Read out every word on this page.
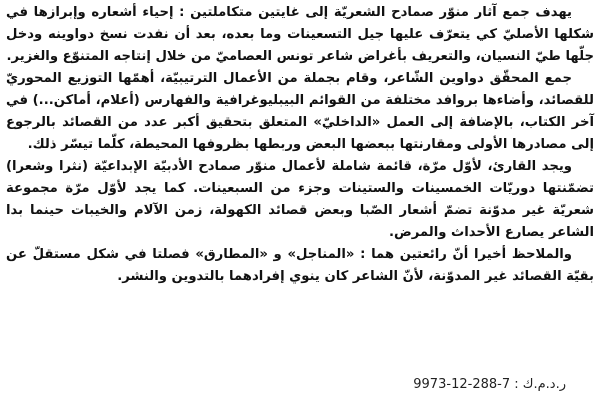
يهدف جمع آثار منوّر صمادح الشعريّة إلى غايتين متكاملتين : إحياء أشعاره وإبرازها في شكلها الأصليّ كي يتعرّف عليها جيل التسعينات وما بعده، بعد أن نفدت نسخ دواوينه ودخل جلّها طيّ النسيان، والتعريف بأغراض شاعر تونس العصاميّ من خلال إنتاجه المتنوّع والغزير.

جمع المحقّق دواوين الشّاعر، وقام بجملة من الأعمال الترتيبيّة، أهمّها التوزيع المحوريّ للقصائد، وأضاءها بروافد مختلفة من القوائم البيبليوغرافية والفهارس (أعلام، أماكن...) في آخر الكتاب، بالإضافة إلى العمل «الداخليّ» المتعلق بتحقيق أكبر عدد من القصائد بالرجوع إلى مصادرها الأولى ومقارنتها ببعضها البعض وربطها بظروفها المحيطة، كلّما تيسّر ذلك.

ويجد القارئ، لأوّل مرّة، قائمة شاملة لأعمال منوّر صمادح الأدبيّة الإبداعيّة (نثرا وشعرا) تضمّنتها دوريّات الخمسينات والستينات وجزء من السبعينات. كما يجد لأوّل مرّة مجموعة شعريّة غير مدوّنة تضمّ أشعار الصّبا وبعض قصائد الكهولة، زمن الآلام والخيبات حينما بدا الشاعر يصارع الأحداث والمرض.

والملاحظ أخيرا أنّ رائعتين هما : «المناجل» و «المطارق» فصلتا في شكل مستقلّ عن بقيّة القصائد غير المدوّنة، لأنّ الشاعر كان ينوي إفرادهما بالتدوين والنشر.

ر.د.م.ك : 7-288-12-9973
